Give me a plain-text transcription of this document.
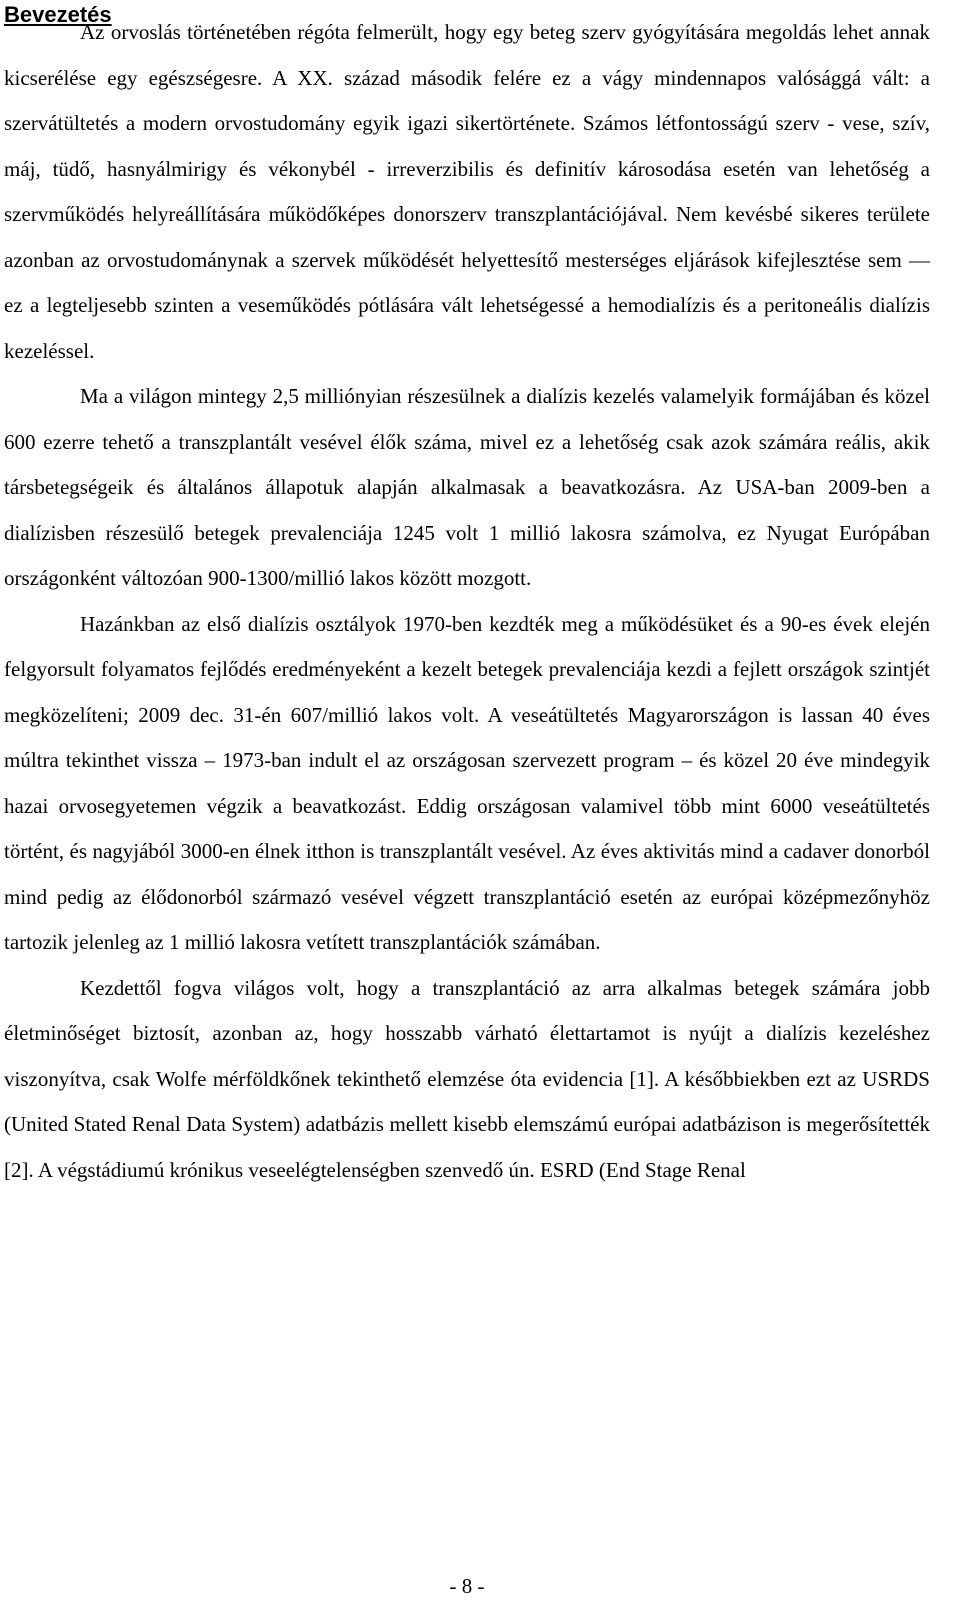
Bevezetés

Az orvoslás történetében régóta felmerült, hogy egy beteg szerv gyógyítására megoldás lehet annak kicserélése egy egészségesre. A XX. század második felére ez a vágy mindennapos valósággá vált: a szervátültetés a modern orvostudomány egyik igazi sikertörténete. Számos létfontosságú szerv - vese, szív, máj, tüdő, hasnyálmirigy és vékonybél - irreverzibilis és definitív károsodása esetén van lehetőség a szervműködés helyreállítására működőképes donorszerv transzplantációjával. Nem kevésbé sikeres területe azonban az orvostudománynak a szervek működését helyettesítő mesterséges eljárások kifejlesztése sem — ez a legteljesebb szinten a veseműködés pótlására vált lehetségessé a hemodialízis és a peritoneális dialízis kezeléssel.

Ma a világon mintegy 2,5 milliónyian részesülnek a dialízis kezelés valamelyik formájában és közel 600 ezerre tehető a transzplantált vesével élők száma, mivel ez a lehetőség csak azok számára reális, akik társbetegségeik és általános állapotuk alapján alkalmasak a beavatkozásra. Az USA-ban 2009-ben a dialízisben részesülő betegek prevalenciája 1245 volt 1 millió lakosra számolva, ez Nyugat Európában országonként változóan 900-1300/millió lakos között mozgott.

Hazánkban az első dialízis osztályok 1970-ben kezdték meg a működésüket és a 90-es évek elején felgyorsult folyamatos fejlődés eredményeként a kezelt betegek prevalenciája kezdi a fejlett országok szintjét megközelíteni; 2009 dec. 31-én 607/millió lakos volt. A veseátültetés Magyarországon is lassan 40 éves múltra tekinthet vissza – 1973-ban indult el az országosan szervezett program – és közel 20 éve mindegyik hazai orvosegyetemen végzik a beavatkozást. Eddig országosan valamivel több mint 6000 veseátültetés történt, és nagyjából 3000-en élnek itthon is transzplantált vesével. Az éves aktivitás mind a cadaver donorból mind pedig az élődonorból származó vesével végzett transzplantáció esetén az európai középmezőnyhöz tartozik jelenleg az 1 millió lakosra vetített transzplantációk számában.

Kezdettől fogva világos volt, hogy a transzplantáció az arra alkalmas betegek számára jobb életminőséget biztosít, azonban az, hogy hosszabb várható élettartamot is nyújt a dialízis kezeléshez viszonyítva, csak Wolfe mérföldkőnek tekinthető elemzése óta evidencia [1]. A későbbiekben ezt az USRDS (United Stated Renal Data System) adatbázis mellett kisebb elemszámú európai adatbázison is megerősítették [2]. A végstádiumú krónikus veseelégtelenségben szenvedő ún. ESRD (End Stage Renal

- 8 -
